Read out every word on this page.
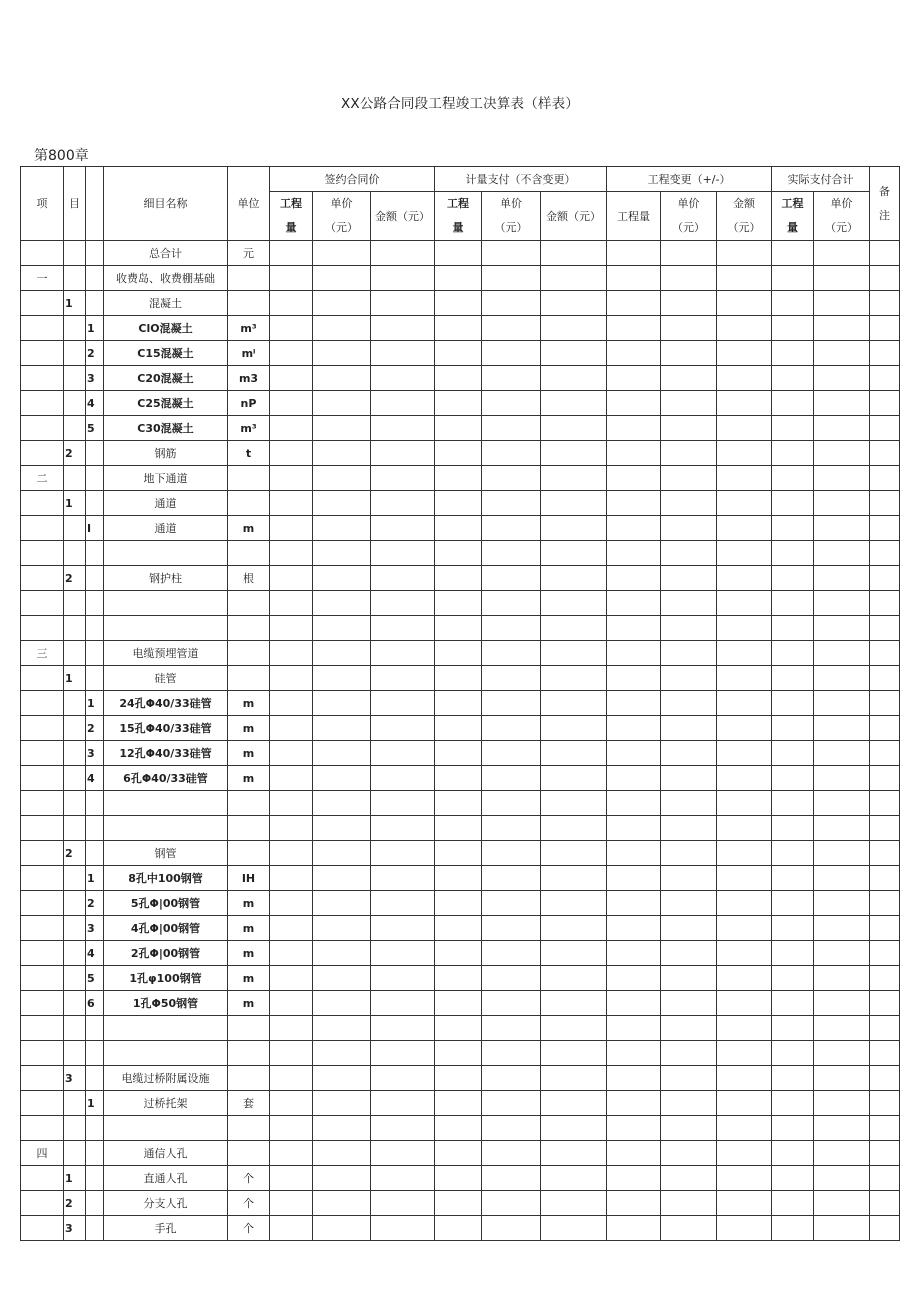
XX公路合同段工程竣工决算表（样表）
第800章
项	目		细目名称	单位	签约合同价			计量支付（不含变更）			工程变更（+/-）			实际支付合计		备注
					工程量	单价（元）	金额（元）	工程量	单价（元）	金额（元）	工程量	单价（元）	金额（元）	工程量	单价（元）	

			总合计	元												
一			收费岛、收费棚基础													
	1		混凝土													
		1	ClO混凝土	m³												
		2	C15混凝土	mˡ												
		3	C20混凝土	m3												
		4	C25混凝土	nP												
		5	C30混凝土	m³												
	2		钢筋	t												
二			地下通道													
	1		通道													
		I	通道	m												

	2		钢护柱	根												

三			电缆预埋管道													
	1		硅管													
		1	24孔Φ40/33硅管	m												
		2	15孔Φ40/33硅管	m												
		3	12孔Φ40/33硅管	m												
		4	6孔Φ40/33硅管	m												

	2		钢管													
		1	8孔中100钢管	IH												
		2	5孔Φ|00钢管	m												
		3	4孔Φ|00钢管	m												
		4	2孔Φ|00钢管	m												
		5	1孔φ100钢管	m												
		6	1孔Φ50钢管	m												

	3		电缆过桥附属设施													
		1	过桥托架	套												

四			通信人孔													
	1		直通人孔	个												
	2		分支人孔	个												
	3		手孔	个												
